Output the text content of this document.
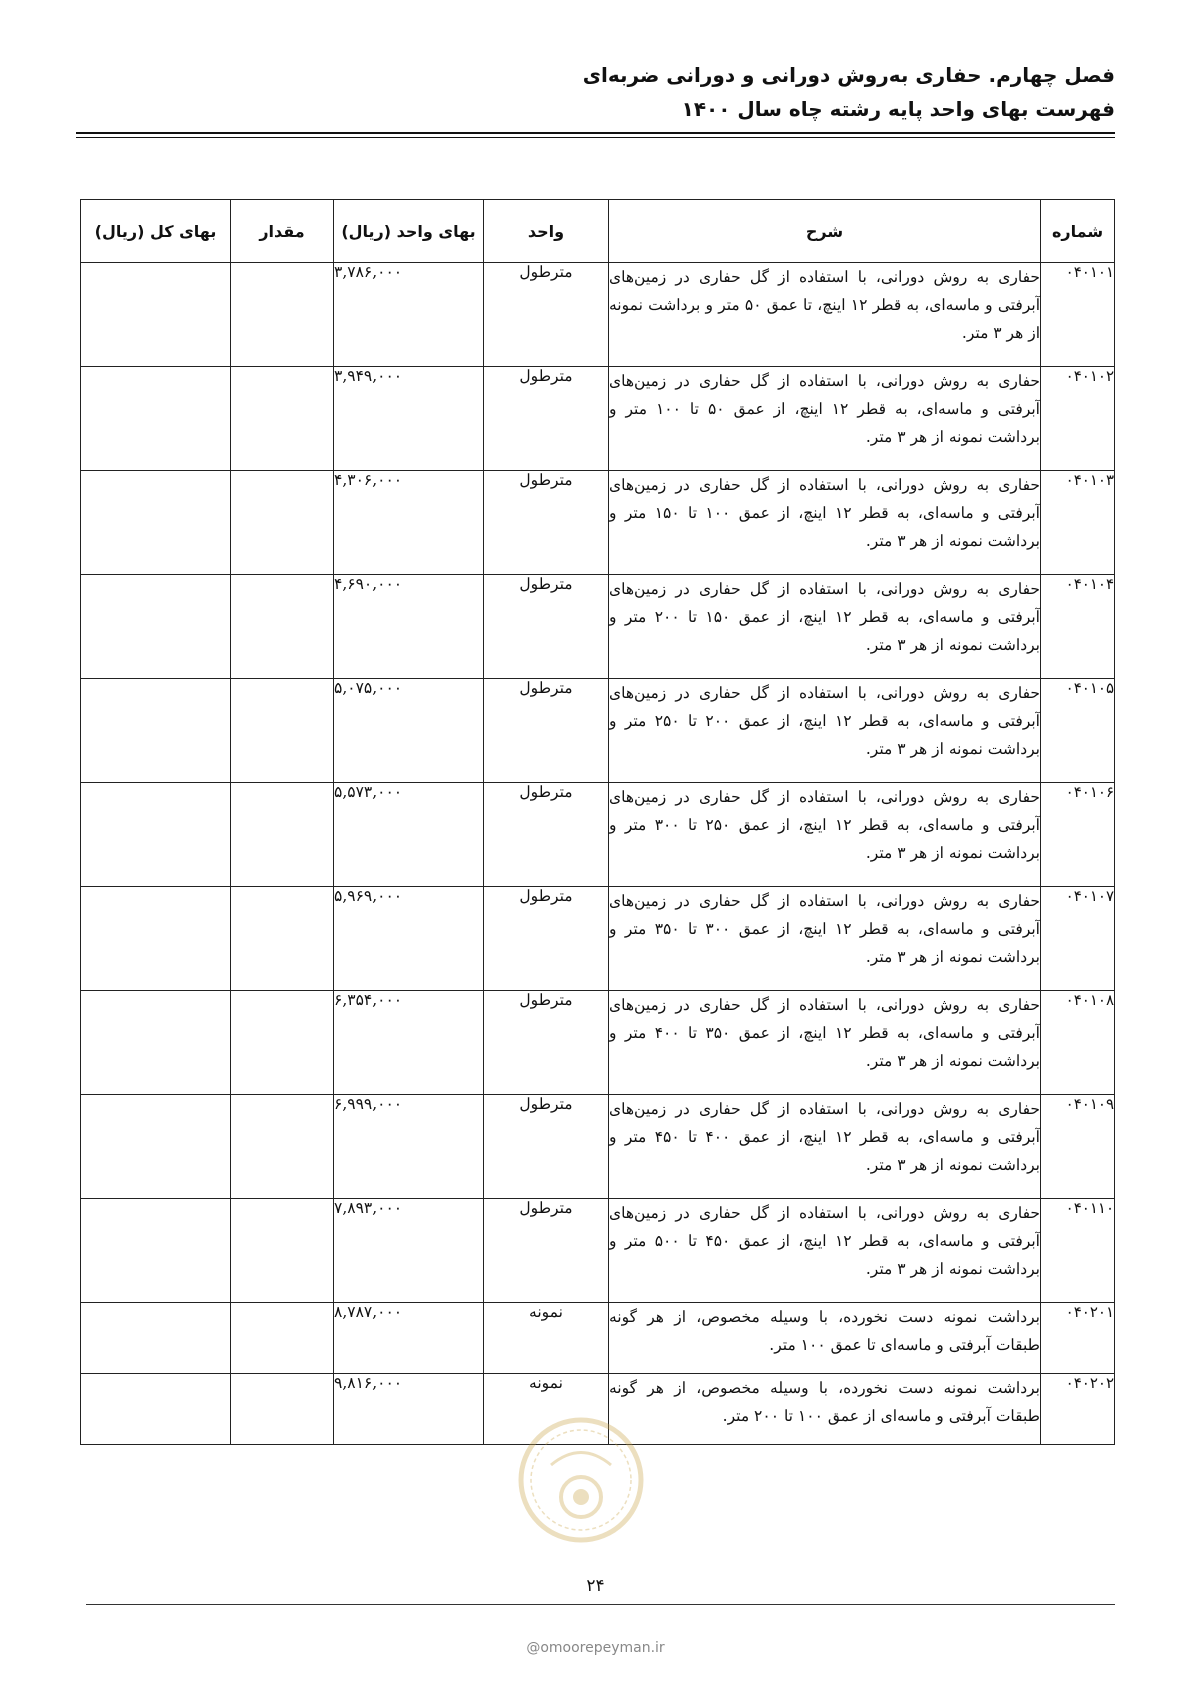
فصل چهارم. حفاری به‌روش دورانی و دورانی ضربه‌ای
فهرست بهای واحد پایه رشته چاه سال ۱۴۰۰
شماره	شرح	واحد	بهای واحد (ریال)	مقدار	بهای کل (ریال)
۰۴۰۱۰۱	حفاری به روش دورانی، با استفاده از گل حفاری در زمین‌های آبرفتی و ماسه‌ای، به قطر ۱۲ اینچ، تا عمق ۵۰ متر و برداشت نمونه از هر ۳ متر.	مترطول	۳,۷۸۶,۰۰۰		
۰۴۰۱۰۲	حفاری به روش دورانی، با استفاده از گل حفاری در زمین‌های آبرفتی و ماسه‌ای، به قطر ۱۲ اینچ، از عمق ۵۰ تا ۱۰۰ متر و برداشت نمونه از هر ۳ متر.	مترطول	۳,۹۴۹,۰۰۰		
۰۴۰۱۰۳	حفاری به روش دورانی، با استفاده از گل حفاری در زمین‌های آبرفتی و ماسه‌ای، به قطر ۱۲ اینچ، از عمق ۱۰۰ تا ۱۵۰ متر و برداشت نمونه از هر ۳ متر.	مترطول	۴,۳۰۶,۰۰۰		
۰۴۰۱۰۴	حفاری به روش دورانی، با استفاده از گل حفاری در زمین‌های آبرفتی و ماسه‌ای، به قطر ۱۲ اینچ، از عمق ۱۵۰ تا ۲۰۰ متر و برداشت نمونه از هر ۳ متر.	مترطول	۴,۶۹۰,۰۰۰		
۰۴۰۱۰۵	حفاری به روش دورانی، با استفاده از گل حفاری در زمین‌های آبرفتی و ماسه‌ای، به قطر ۱۲ اینچ، از عمق ۲۰۰ تا ۲۵۰ متر و برداشت نمونه از هر ۳ متر.	مترطول	۵,۰۷۵,۰۰۰		
۰۴۰۱۰۶	حفاری به روش دورانی، با استفاده از گل حفاری در زمین‌های آبرفتی و ماسه‌ای، به قطر ۱۲ اینچ، از عمق ۲۵۰ تا ۳۰۰ متر و برداشت نمونه از هر ۳ متر.	مترطول	۵,۵۷۳,۰۰۰		
۰۴۰۱۰۷	حفاری به روش دورانی، با استفاده از گل حفاری در زمین‌های آبرفتی و ماسه‌ای، به قطر ۱۲ اینچ، از عمق ۳۰۰ تا ۳۵۰ متر و برداشت نمونه از هر ۳ متر.	مترطول	۵,۹۶۹,۰۰۰		
۰۴۰۱۰۸	حفاری به روش دورانی، با استفاده از گل حفاری در زمین‌های آبرفتی و ماسه‌ای، به قطر ۱۲ اینچ، از عمق ۳۵۰ تا ۴۰۰ متر و برداشت نمونه از هر ۳ متر.	مترطول	۶,۳۵۴,۰۰۰		
۰۴۰۱۰۹	حفاری به روش دورانی، با استفاده از گل حفاری در زمین‌های آبرفتی و ماسه‌ای، به قطر ۱۲ اینچ، از عمق ۴۰۰ تا ۴۵۰ متر و برداشت نمونه از هر ۳ متر.	مترطول	۶,۹۹۹,۰۰۰		
۰۴۰۱۱۰	حفاری به روش دورانی، با استفاده از گل حفاری در زمین‌های آبرفتی و ماسه‌ای، به قطر ۱۲ اینچ، از عمق ۴۵۰ تا ۵۰۰ متر و برداشت نمونه از هر ۳ متر.	مترطول	۷,۸۹۳,۰۰۰		
۰۴۰۲۰۱	برداشت نمونه دست نخورده، با وسیله مخصوص، از هر گونه طبقات آبرفتی و ماسه‌ای تا عمق ۱۰۰ متر.	نمونه	۸,۷۸۷,۰۰۰		
۰۴۰۲۰۲	برداشت نمونه دست نخورده، با وسیله مخصوص، از هر گونه طبقات آبرفتی و ماسه‌ای از عمق ۱۰۰ تا ۲۰۰ متر.	نمونه	۹,۸۱۶,۰۰۰		
۲۴
@omoorepeyman.ir
